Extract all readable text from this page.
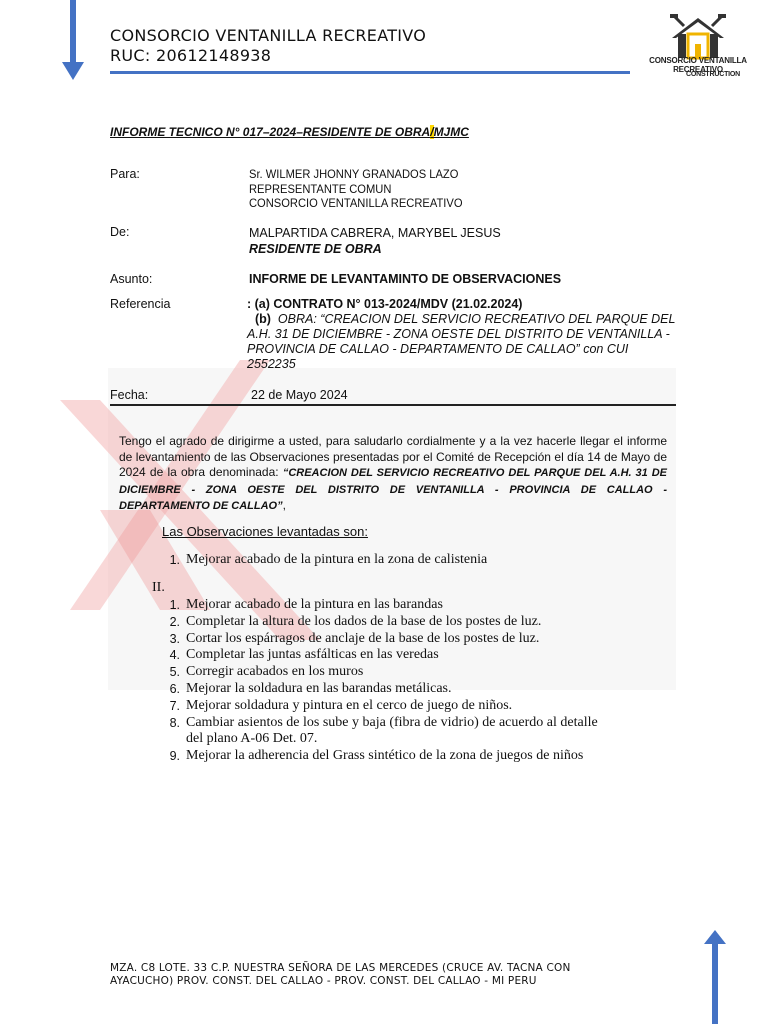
CONSORCIO VENTANILLA RECREATIVO
RUC: 20612148938	CONSORCIO VENTANILLA RECREATIVO
CONSTRUCTION
INFORME TECNICO N° 017–2024–RESIDENTE DE OBRA/MJMC
Para:	Sr. WILMER JHONNY GRANADOS LAZO
REPRESENTANTE COMUN
CONSORCIO VENTANILLA RECREATIVO
De:	MALPARTIDA CABRERA, MARYBEL JESUS
RESIDENTE DE OBRA
Asunto:	INFORME DE LEVANTAMINTO DE OBSERVACIONES
Referencia	: (a) CONTRATO N° 013-2024/MDV (21.02.2024)
(b) OBRA: “CREACION DEL SERVICIO RECREATIVO DEL PARQUE DEL A.H. 31 DE DICIEMBRE - ZONA OESTE DEL DISTRITO DE VENTANILLA - PROVINCIA DE CALLAO - DEPARTAMENTO DE CALLAO” con CUI 2552235
Fecha:	22 de Mayo 2024
Tengo el agrado de dirigirme a usted, para saludarlo cordialmente y a la vez hacerle llegar el informe de levantamiento de las Observaciones presentadas por el Comité de Recepción el día 14 de Mayo de 2024 de la obra denominada: “CREACION DEL SERVICIO RECREATIVO DEL PARQUE DEL A.H. 31 DE DICIEMBRE - ZONA OESTE DEL DISTRITO DE VENTANILLA - PROVINCIA DE CALLAO - DEPARTAMENTO DE CALLAO”,
Las Observaciones levantadas son:
1. Mejorar acabado de la pintura en la zona de calistenia
II.
1. Mejorar acabado de la pintura en las barandas
2. Completar la altura de los dados de la base de los postes de luz.
3. Cortar los espárragos de anclaje de la base de los postes de luz.
4. Completar las juntas asfálticas en las veredas
5. Corregir acabados en los muros
6. Mejorar la soldadura en las barandas metálicas.
7. Mejorar soldadura y pintura en el cerco de juego de niños.
8. Cambiar asientos de los sube y baja (fibra de vidrio) de acuerdo al detalle del plano A-06 Det. 07.
9. Mejorar la adherencia del Grass sintético de la zona de juegos de niños
MZA. C8 LOTE. 33 C.P. NUESTRA SEÑORA DE LAS MERCEDES (CRUCE AV. TACNA CON AYACUCHO) PROV. CONST. DEL CALLAO - PROV. CONST. DEL CALLAO - MI PERU
